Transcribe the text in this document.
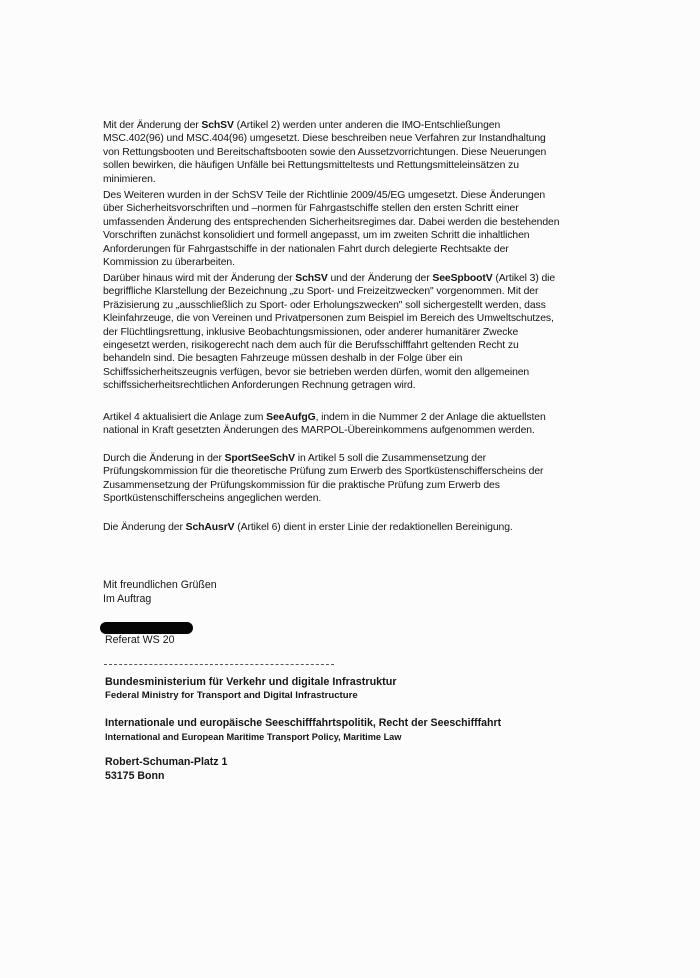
Mit der Änderung der SchSV (Artikel 2) werden unter anderen die IMO-Entschließungen MSC.402(96) und MSC.404(96) umgesetzt. Diese beschreiben neue Verfahren zur Instandhaltung von Rettungsbooten und Bereitschaftsbooten sowie den Aussetzvorrichtungen. Diese Neuerungen sollen bewirken, die häufigen Unfälle bei Rettungsmitteltests und Rettungsmitteleinsätzen zu minimieren.

Des Weiteren wurden in der SchSV Teile der Richtlinie 2009/45/EG umgesetzt. Diese Änderungen über Sicherheitsvorschriften und –normen für Fahrgastschiffe stellen den ersten Schritt einer umfassenden Änderung des entsprechenden Sicherheitsregimes dar. Dabei werden die bestehenden Vorschriften zunächst konsolidiert und formell angepasst, um im zweiten Schritt die inhaltlichen Anforderungen für Fahrgastschiffe in der nationalen Fahrt durch delegierte Rechtsakte der Kommission zu überarbeiten.

Darüber hinaus wird mit der Änderung der SchSV und der Änderung der SeeSpbootV (Artikel 3) die begriffliche Klarstellung der Bezeichnung „zu Sport- und Freizeitzwecken" vorgenommen. Mit der Präzisierung zu „ausschließlich zu Sport- oder Erholungszwecken" soll sichergestellt werden, dass Kleinfahrzeuge, die von Vereinen und Privatpersonen zum Beispiel im Bereich des Umweltschutzes, der Flüchtlingsrettung, inklusive Beobachtungsmissionen, oder anderer humanitärer Zwecke eingesetzt werden, risikogerecht nach dem auch für die Berufsschifffahrt geltenden Recht zu behandeln sind. Die besagten Fahrzeuge müssen deshalb in der Folge über ein Schiffssicherheitszeugnis verfügen, bevor sie betrieben werden dürfen, womit den allgemeinen schiffssicherheitsrechtlichen Anforderungen Rechnung getragen wird.

Artikel 4 aktualisiert die Anlage zum SeeAufgG, indem in die Nummer 2 der Anlage die aktuellsten national in Kraft gesetzten Änderungen des MARPOL-Übereinkommens aufgenommen werden.

Durch die Änderung in der SportSeeSchV in Artikel 5 soll die Zusammensetzung der Prüfungskommission für die theoretische Prüfung zum Erwerb des Sportküstenschifferscheins der Zusammensetzung der Prüfungskommission für die praktische Prüfung zum Erwerb des Sportküstenschifferscheins angeglichen werden.

Die Änderung der SchAusrV (Artikel 6) dient in erster Linie der redaktionellen Bereinigung.

Mit freundlichen Grüßen
Im Auftrag
Referat WS 20
Bundesministerium für Verkehr und digitale Infrastruktur
Federal Ministry for Transport and Digital Infrastructure
Internationale und europäische Seeschifffahrtspolitik, Recht der Seeschifffahrt
International and European Maritime Transport Policy, Maritime Law
Robert-Schuman-Platz 1
53175 Bonn
